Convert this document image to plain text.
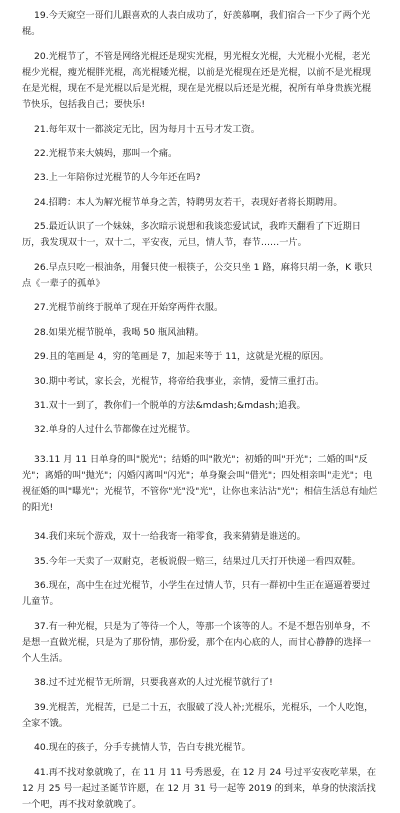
19.今天窥空一哥们儿跟喜欢的人表白成功了，好羡慕啊，我们宿合一下少了两个光棍。

20.光棍节了，不管是网络光棍还是现实光棍，男光棍女光棍，大光棍小光棍，老光棍少光棍，瘦光棍胖光棍，高光棍矮光棍，以前是光棍现在还是光棍，以前不是光棍现在是光棍，现在不是光棍以后是光棍，现在是光棍以后还是光棍，祝所有单身贵族光棍节快乐，包括我自己；要快乐!

21.每年双十一都淡定无比，因为每月十五号才发工资。

22.光棍节来大姨妈，那叫一个痛。

23.上一年陪你过光棍节的人今年还在吗?

24.招聘：本人为解光棍节单身之苦，特聘男友若干，表现好者将长期聘用。

25.最近认识了一个妹妹，多次暗示说想和我谈恋爱试试，我昨天翻看了下近期日历，我发现双十一，双十二，平安夜，元旦，情人节，春节……一片。

26.早点只吃一根油条，用餐只使一根筷子，公交只坐 1 路，麻将只胡一条，K 歌只点《一辈子的孤单》

27.光棍节前终于脱单了现在开始穿两件衣服。

28.如果光棍节脱单，我喝 50 瓶风油精。

29.且的笔画是 4，穷的笔画是 7，加起来等于 11，这就是光棍的原因。

30.期中考试，家长会，光棍节，将帝给我事业，亲情，爱情三重打击。

31.双十一到了，教你们一个脱单的方法&mdash;&mdash;追我。

32.单身的人过什么节都像在过光棍节。

33.11 月 11 日单身的叫"脱光"；结婚的叫"散光"；初婚的叫"开光"；二婚的叫"反光"；离婚的叫"抛光"；闪婚闪离叫"闪光"；单身聚会叫"借光"；四处相亲叫"走光"；电视征婚的叫"曝光"；光棍节，不管你"光"没"光"，让你也来沾沾"光"；相信生活总有灿烂的阳光!

34.我们来玩个游戏，双十一给我寄一箱零食，我来猜猜是谁送的。

35.今年一天卖了一双耐克，老板说假一赔三，结果过几天打开快递一看四双鞋。

36.现在，高中生在过光棍节，小学生在过情人节，只有一群初中生正在逼逼着要过儿童节。

37.有一种光棍，只是为了等待一个人，等那一个该等的人。不是不想告别单身，不是想一直做光棍，只是为了那份情，那份爱，那个在内心底的人，而甘心静静的选择一个人生活。

38.过不过光棍节无所谓，只要我喜欢的人过光棍节就行了!

39.光棍苦，光棍苦，已是二十五，衣服破了没人补;光棍乐，光棍乐，一个人吃饱，全家不饿。

40.现在的孩子，分手专挑情人节，告白专挑光棍节。

41.再不找对象就晚了，在 11 月 11 号秀恩爱，在 12 月 24 号过平安夜吃苹果，在 12 月 25 号一起过圣诞节许愿，在 12 月 31 号一起等 2019 的到来，单身的快滚活找一个吧，再不找对象就晚了。
